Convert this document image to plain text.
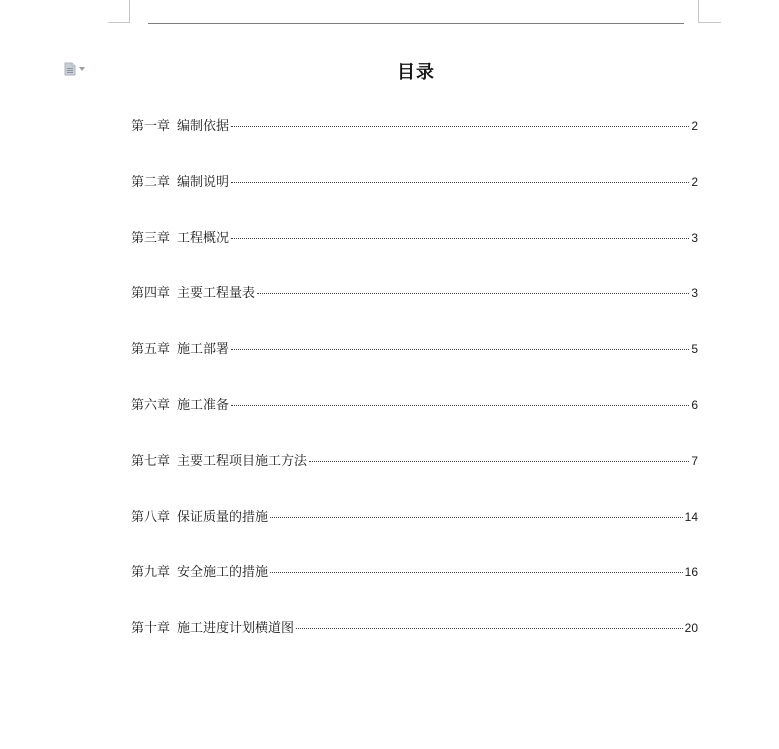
目录
第一章 编制依据	2
第二章 编制说明	2
第三章 工程概况	3
第四章 主要工程量表	3
第五章 施工部署	5
第六章 施工准备	6
第七章 主要工程项目施工方法	7
第八章 保证质量的措施	14
第九章 安全施工的措施	16
第十章 施工进度计划横道图	20
